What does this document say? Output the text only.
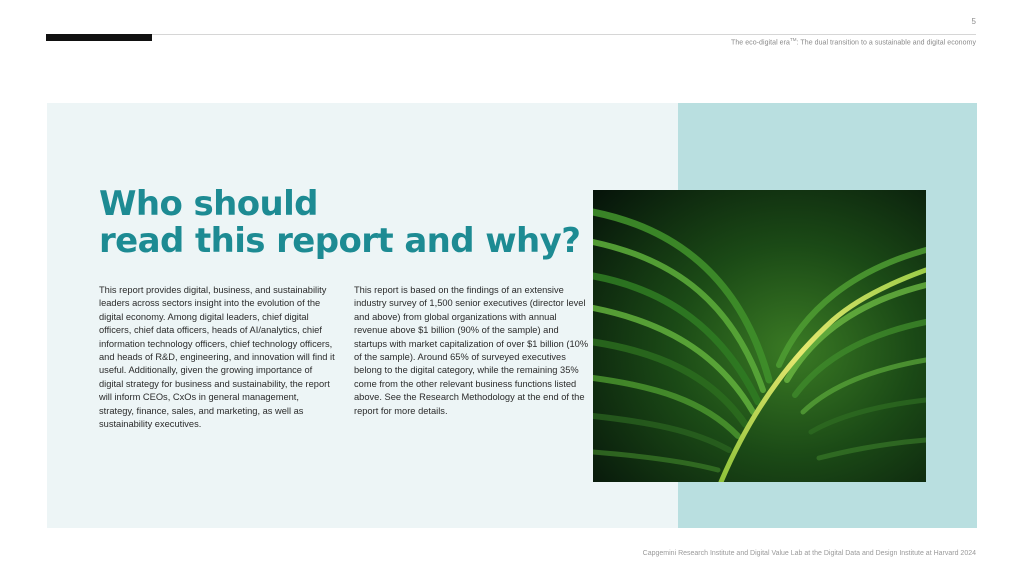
5
The eco-digital era™: The dual transition to a sustainable and digital economy
Who should
read this report and why?

This report provides digital, business, and sustainability leaders across sectors insight into the evolution of the digital economy. Among digital leaders, chief digital officers, chief data officers, heads of AI/analytics, chief information technology officers, chief technology officers, and heads of R&D, engineering, and innovation will find it useful. Additionally, given the growing importance of digital strategy for business and sustainability, the report will inform CEOs, CxOs in general management, strategy, finance, sales, and marketing, as well as sustainability executives.

This report is based on the findings of an extensive industry survey of 1,500 senior executives (director level and above) from global organizations with annual revenue above $1 billion (90% of the sample) and startups with market capitalization of over $1 billion (10% of the sample). Around 65% of surveyed executives belong to the digital category, while the remaining 35% come from the other relevant business functions listed above. See the Research Methodology at the end of the report for more details.

Capgemini Research Institute and Digital Value Lab at the Digital Data and Design Institute at Harvard 2024
